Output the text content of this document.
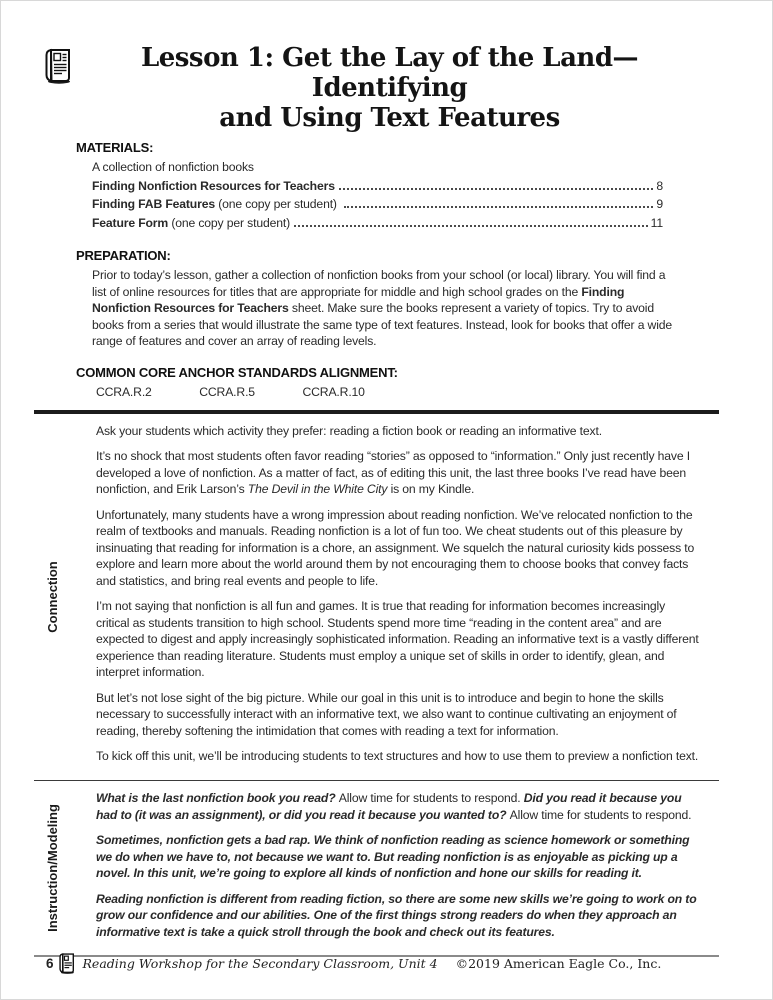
Lesson 1: Get the Lay of the Land—Identifying
and Using Text Features
MATERIALS:
A collection of nonfiction books
Finding Nonfiction Resources for Teachers	8
Finding FAB Features (one copy per student)	9
Feature Form (one copy per student)	11
PREPARATION:

Prior to today’s lesson, gather a collection of nonfiction books from your school (or local) library. You will find a list of online resources for titles that are appropriate for middle and high school grades on the Finding Nonfiction Resources for Teachers sheet. Make sure the books represent a variety of topics. Try to avoid books from a series that would illustrate the same type of text features. Instead, look for books that offer a wide range of features and cover an array of reading levels.

COMMON CORE ANCHOR STANDARDS ALIGNMENT:
CCRA.R.2	CCRA.R.5	CCRA.R.10
Connection

Ask your students which activity they prefer: reading a fiction book or reading an informative text.

It’s no shock that most students often favor reading “stories” as opposed to “information.” Only just recently have I developed a love of nonfiction. As a matter of fact, as of editing this unit, the last three books I’ve read have been nonfiction, and Erik Larson’s The Devil in the White City is on my Kindle.

Unfortunately, many students have a wrong impression about reading nonfiction. We’ve relocated nonfiction to the realm of textbooks and manuals. Reading nonfiction is a lot of fun too. We cheat students out of this pleasure by insinuating that reading for information is a chore, an assignment. We squelch the natural curiosity kids possess to explore and learn more about the world around them by not encouraging them to choose books that convey facts and statistics, and bring real events and people to life.

I’m not saying that nonfiction is all fun and games. It is true that reading for information becomes increasingly critical as students transition to high school. Students spend more time “reading in the content area” and are expected to digest and apply increasingly sophisticated information. Reading an informative text is a vastly different experience than reading literature. Students must employ a unique set of skills in order to identify, glean, and interpret information.

But let’s not lose sight of the big picture. While our goal in this unit is to introduce and begin to hone the skills necessary to successfully interact with an informative text, we also want to continue cultivating an enjoyment of reading, thereby softening the intimidation that comes with reading a text for information.

To kick off this unit, we’ll be introducing students to text structures and how to use them to preview a nonfiction text.

Instruction/Modeling

What is the last nonfiction book you read? Allow time for students to respond. Did you read it because you had to (it was an assignment), or did you read it because you wanted to? Allow time for students to respond.

Sometimes, nonfiction gets a bad rap. We think of nonfiction reading as science homework or something we do when we have to, not because we want to. But reading nonfiction is as enjoyable as picking up a novel. In this unit, we’re going to explore all kinds of nonfiction and hone our skills for reading it.

Reading nonfiction is different from reading fiction, so there are some new skills we’re going to work on to grow our confidence and our abilities. One of the first things strong readers do when they approach an informative text is take a quick stroll through the book and check out its features.

6 Reading Workshop for the Secondary Classroom, Unit 4 ©2019 American Eagle Co., Inc.
